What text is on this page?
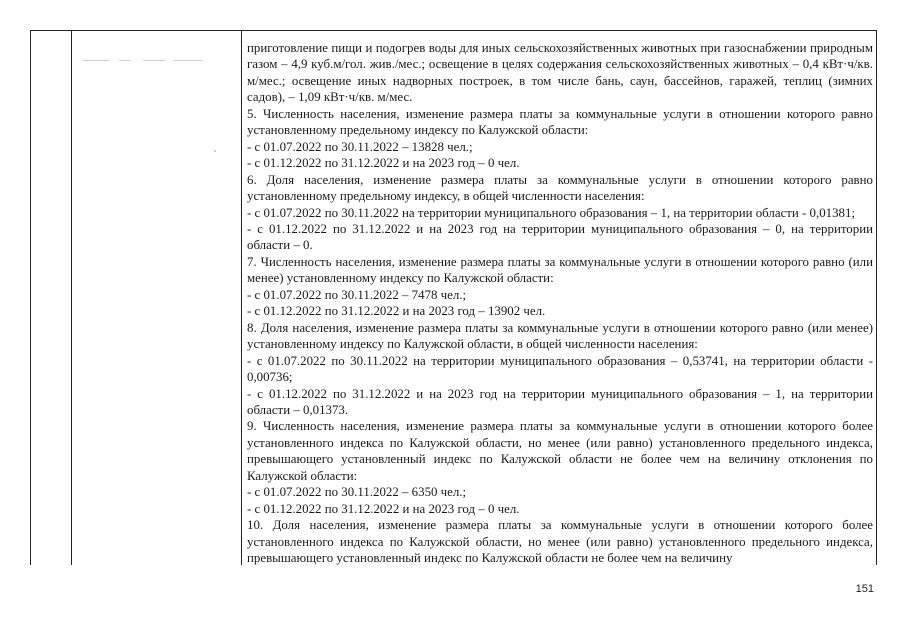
приготовление пищи и подогрев воды для иных сельскохозяйственных животных при газоснабжении природным газом – 4,9 куб.м/гол. жив./мес.; освещение в целях содержания сельскохозяйственных животных – 0,4 кВт·ч/кв. м/мес.; освещение иных надворных построек, в том числе бань, саун, бассейнов, гаражей, теплиц (зимних садов), – 1,09 кВт·ч/кв. м/мес.

5. Численность населения, изменение размера платы за коммунальные услуги в отношении которого равно установленному предельному индексу по Калужской области:

- с 01.07.2022 по 30.11.2022 – 13828 чел.;

- с 01.12.2022 по 31.12.2022 и на 2023 год – 0 чел.

6. Доля населения, изменение размера платы за коммунальные услуги в отношении которого равно установленному предельному индексу, в общей численности населения:

- с 01.07.2022 по 30.11.2022 на территории муниципального образования – 1, на территории области - 0,01381;

- с 01.12.2022 по 31.12.2022 и на 2023 год на территории муниципального образования – 0, на территории области – 0.

7. Численность населения, изменение размера платы за коммунальные услуги в отношении которого равно (или менее) установленному индексу по Калужской области:

- с 01.07.2022 по 30.11.2022 – 7478 чел.;

- с 01.12.2022 по 31.12.2022 и на 2023 год – 13902 чел.

8. Доля населения, изменение размера платы за коммунальные услуги в отношении которого равно (или менее) установленному индексу по Калужской области, в общей численности населения:

- с 01.07.2022 по 30.11.2022 на территории муниципального образования – 0,53741, на территории области - 0,00736;

- с 01.12.2022 по 31.12.2022 и на 2023 год на территории муниципального образования – 1, на территории области – 0,01373.

9. Численность населения, изменение размера платы за коммунальные услуги в отношении которого более установленного индекса по Калужской области, но менее (или равно) установленного предельного индекса, превышающего установленный индекс по Калужской области не более чем на величину отклонения по Калужской области:

- с 01.07.2022 по 30.11.2022 – 6350 чел.;

- с 01.12.2022 по 31.12.2022 и на 2023 год – 0 чел.

10. Доля населения, изменение размера платы за коммунальные услуги в отношении которого более установленного индекса по Калужской области, но менее (или равно) установленного предельного индекса, превышающего установленный индекс по Калужской области не более чем на величину

151
